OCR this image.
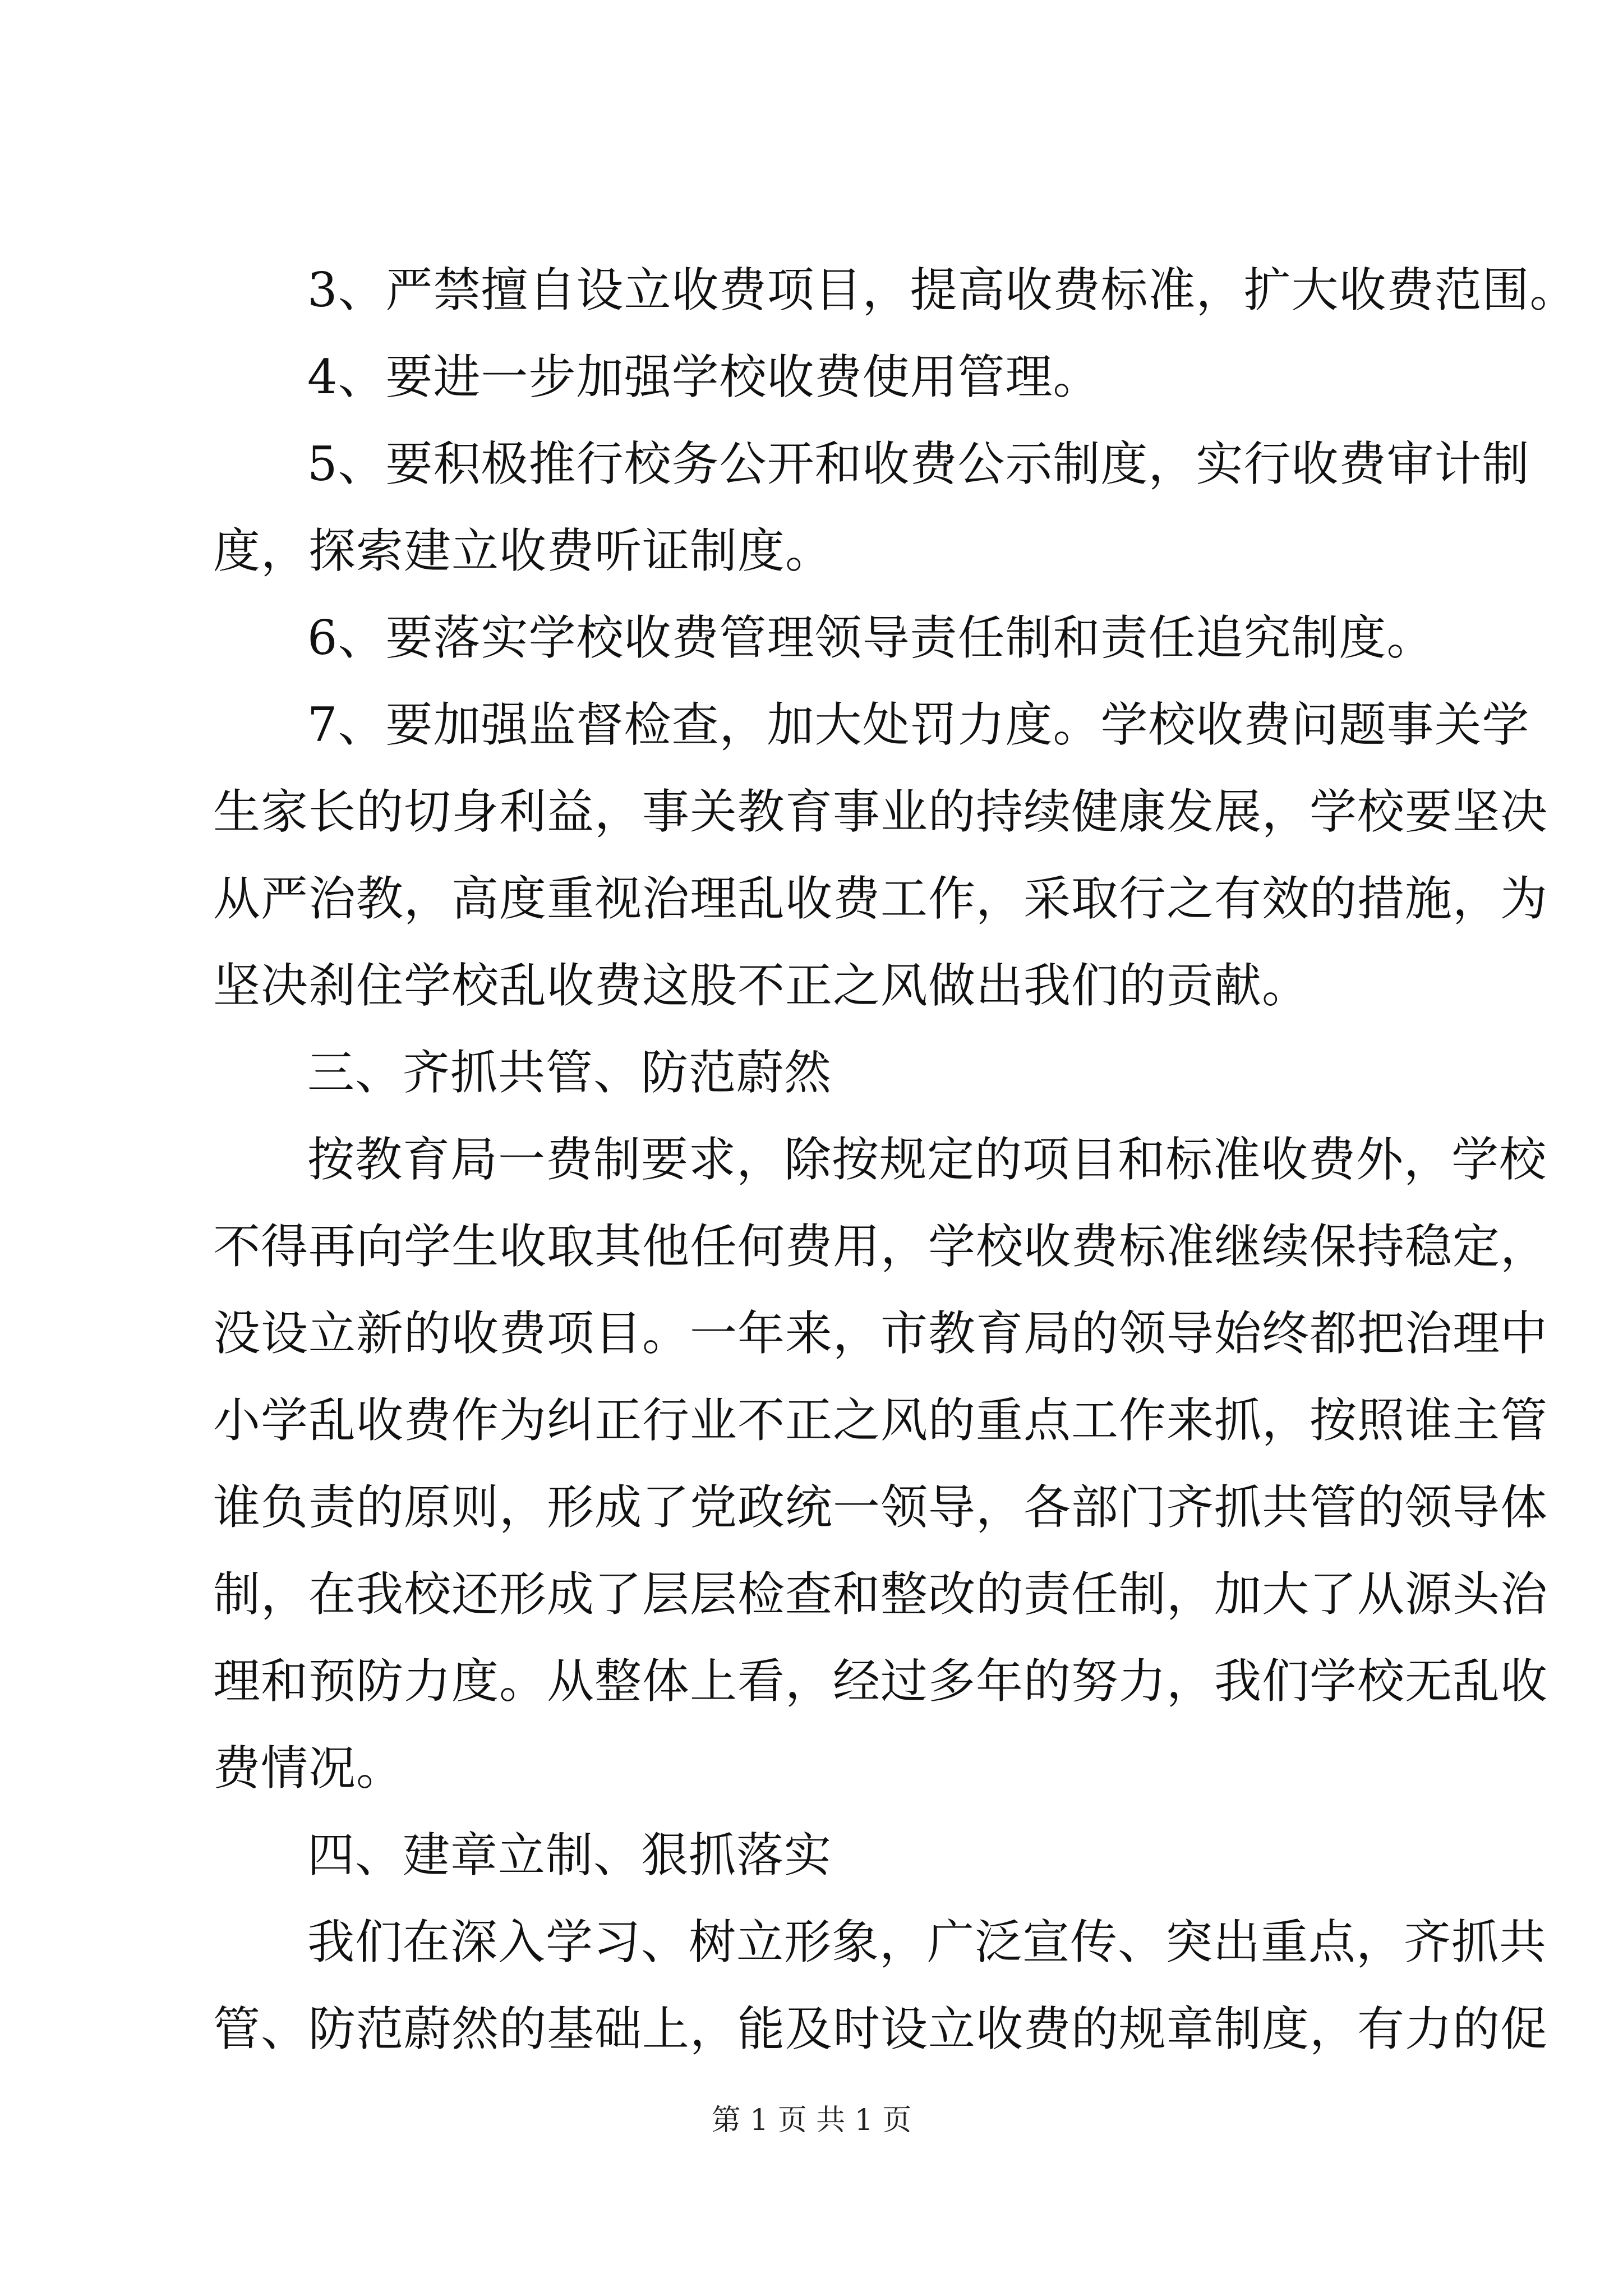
3、严禁擅自设立收费项目，提高收费标准，扩大收费范围。
4、要进一步加强学校收费使用管理。
5、要积极推行校务公开和收费公示制度，实行收费审计制
度，探索建立收费听证制度。
6、要落实学校收费管理领导责任制和责任追究制度。
7、要加强监督检查，加大处罚力度。学校收费问题事关学
生家长的切身利益，事关教育事业的持续健康发展，学校要坚决
从严治教，高度重视治理乱收费工作，采取行之有效的措施，为
坚决刹住学校乱收费这股不正之风做出我们的贡献。
三、齐抓共管、防范蔚然
按教育局一费制要求，除按规定的项目和标准收费外，学校
不得再向学生收取其他任何费用，学校收费标准继续保持稳定，
没设立新的收费项目。一年来，市教育局的领导始终都把治理中
小学乱收费作为纠正行业不正之风的重点工作来抓，按照谁主管
谁负责的原则，形成了党政统一领导，各部门齐抓共管的领导体
制，在我校还形成了层层检查和整改的责任制，加大了从源头治
理和预防力度。从整体上看，经过多年的努力，我们学校无乱收
费情况。
四、建章立制、狠抓落实
我们在深入学习、树立形象，广泛宣传、突出重点，齐抓共
管、防范蔚然的基础上，能及时设立收费的规章制度，有力的促
第 1 页 共 1 页
